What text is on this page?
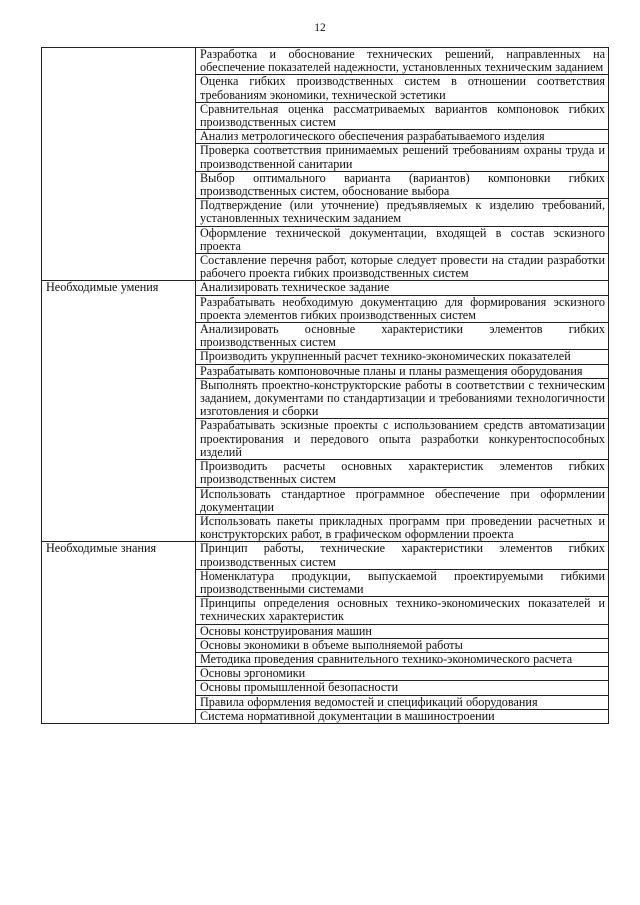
12
	Разработка и обоснование технических решений, направленных на обеспечение показателей надежности, установленных техническим заданием
	Оценка гибких производственных систем в отношении соответствия требованиям экономики, технической эстетики
	Сравнительная оценка рассматриваемых вариантов компоновок гибких производственных систем
	Анализ метрологического обеспечения разрабатываемого изделия
	Проверка соответствия принимаемых решений требованиям охраны труда и производственной санитарии
	Выбор оптимального варианта (вариантов) компоновки гибких производственных систем, обоснование выбора
	Подтверждение (или уточнение) предъявляемых к изделию требований, установленных техническим заданием
	Оформление технической документации, входящей в состав эскизного проекта
	Составление перечня работ, которые следует провести на стадии разработки рабочего проекта гибких производственных систем
Необходимые умения	Анализировать техническое задание
	Разрабатывать необходимую документацию для формирования эскизного проекта элементов гибких производственных систем
	Анализировать основные характеристики элементов гибких производственных систем
	Производить укрупненный расчет технико-экономических показателей
	Разрабатывать компоновочные планы и планы размещения оборудования
	Выполнять проектно-конструкторские работы в соответствии с техническим заданием, документами по стандартизации и требованиями технологичности изготовления и сборки
	Разрабатывать эскизные проекты с использованием средств автоматизации проектирования и передового опыта разработки конкурентоспособных изделий
	Производить расчеты основных характеристик элементов гибких производственных систем
	Использовать стандартное программное обеспечение при оформлении документации
	Использовать пакеты прикладных программ при проведении расчетных и конструкторских работ, в графическом оформлении проекта
Необходимые знания	Принцип работы, технические характеристики элементов гибких производственных систем
	Номенклатура продукции, выпускаемой проектируемыми гибкими производственными системами
	Принципы определения основных технико-экономических показателей и технических характеристик
	Основы конструирования машин
	Основы экономики в объеме выполняемой работы
	Методика проведения сравнительного технико-экономического расчета
	Основы эргономики
	Основы промышленной безопасности
	Правила оформления ведомостей и спецификаций оборудования
	Система нормативной документации в машиностроении
